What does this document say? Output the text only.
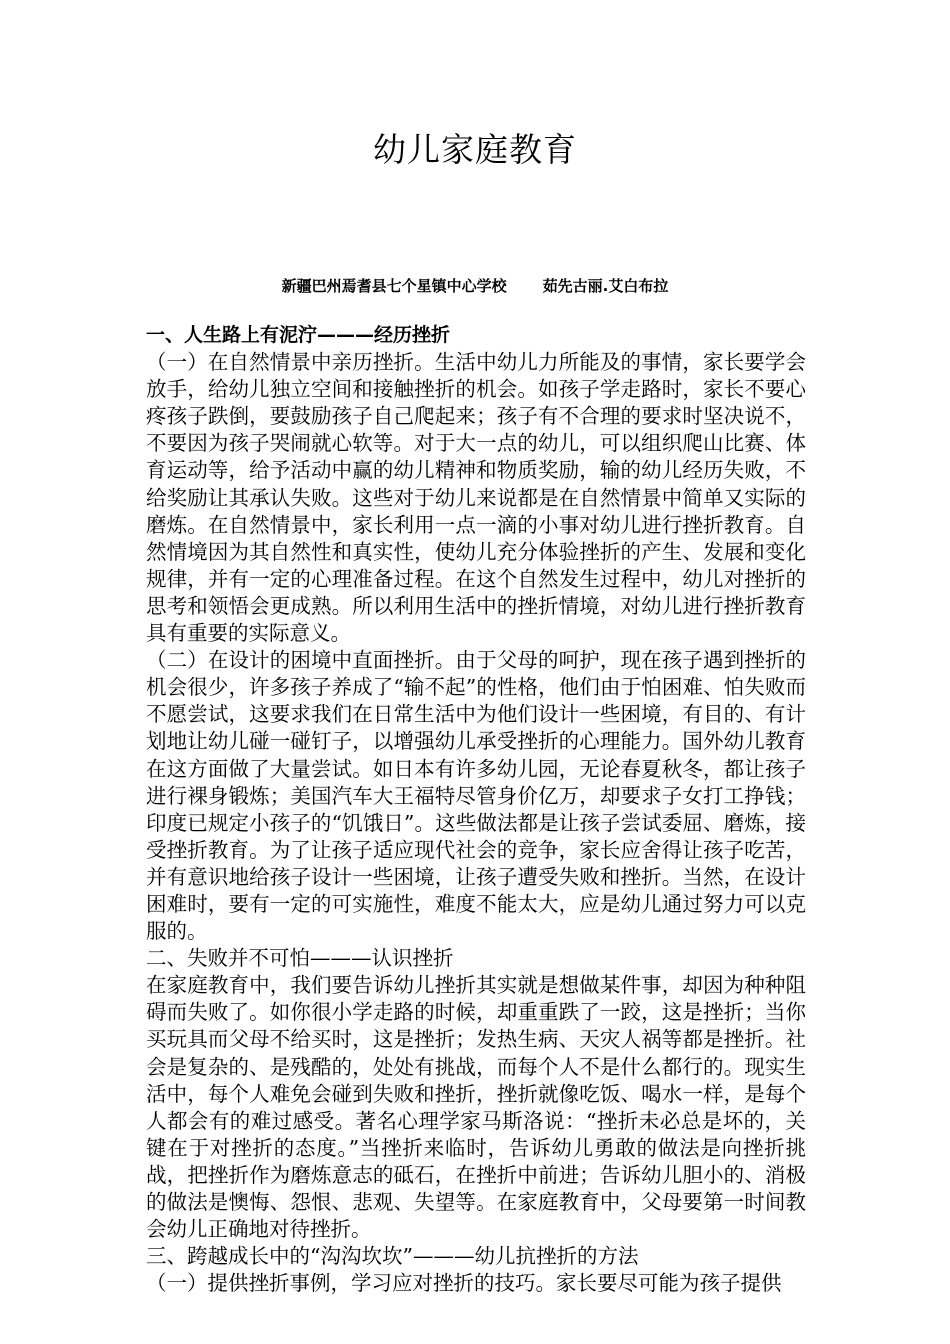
幼儿家庭教育
新疆巴州焉耆县七个星镇中心学校 茹先古丽.艾白布拉

一、人生路上有泥泞———经历挫折

（一）在自然情景中亲历挫折。生活中幼儿力所能及的事情，家长要学会放手，给幼儿独立空间和接触挫折的机会。如孩子学走路时，家长不要心疼孩子跌倒，要鼓励孩子自己爬起来；孩子有不合理的要求时坚决说不，不要因为孩子哭闹就心软等。对于大一点的幼儿，可以组织爬山比赛、体育运动等，给予活动中赢的幼儿精神和物质奖励，输的幼儿经历失败，不给奖励让其承认失败。这些对于幼儿来说都是在自然情景中简单又实际的磨炼。在自然情景中，家长利用一点一滴的小事对幼儿进行挫折教育。自然情境因为其自然性和真实性，使幼儿充分体验挫折的产生、发展和变化规律，并有一定的心理准备过程。在这个自然发生过程中，幼儿对挫折的思考和领悟会更成熟。所以利用生活中的挫折情境，对幼儿进行挫折教育具有重要的实际意义。

（二）在设计的困境中直面挫折。由于父母的呵护，现在孩子遇到挫折的机会很少，许多孩子养成了“输不起”的性格，他们由于怕困难、怕失败而不愿尝试，这要求我们在日常生活中为他们设计一些困境，有目的、有计划地让幼儿碰一碰钉子，以增强幼儿承受挫折的心理能力。国外幼儿教育在这方面做了大量尝试。如日本有许多幼儿园，无论春夏秋冬，都让孩子进行裸身锻炼；美国汽车大王福特尽管身价亿万，却要求子女打工挣钱；印度已规定小孩子的“饥饿日”。这些做法都是让孩子尝试委屈、磨炼，接受挫折教育。为了让孩子适应现代社会的竞争，家长应舍得让孩子吃苦，并有意识地给孩子设计一些困境，让孩子遭受失败和挫折。当然，在设计困难时，要有一定的可实施性，难度不能太大，应是幼儿通过努力可以克服的。

二、失败并不可怕———认识挫折

在家庭教育中，我们要告诉幼儿挫折其实就是想做某件事，却因为种种阻碍而失败了。如你很小学走路的时候，却重重跌了一跤，这是挫折；当你买玩具而父母不给买时，这是挫折；发热生病、天灾人祸等都是挫折。社会是复杂的、是残酷的，处处有挑战，而每个人不是什么都行的。现实生活中，每个人难免会碰到失败和挫折，挫折就像吃饭、喝水一样，是每个人都会有的难过感受。著名心理学家马斯洛说：“挫折未必总是坏的，关键在于对挫折的态度。”当挫折来临时，告诉幼儿勇敢的做法是向挫折挑战，把挫折作为磨炼意志的砥石，在挫折中前进；告诉幼儿胆小的、消极的做法是懊悔、怨恨、悲观、失望等。在家庭教育中，父母要第一时间教会幼儿正确地对待挫折。

三、跨越成长中的“沟沟坎坎”———幼儿抗挫折的方法

（一）提供挫折事例，学习应对挫折的技巧。家长要尽可能为孩子提供
